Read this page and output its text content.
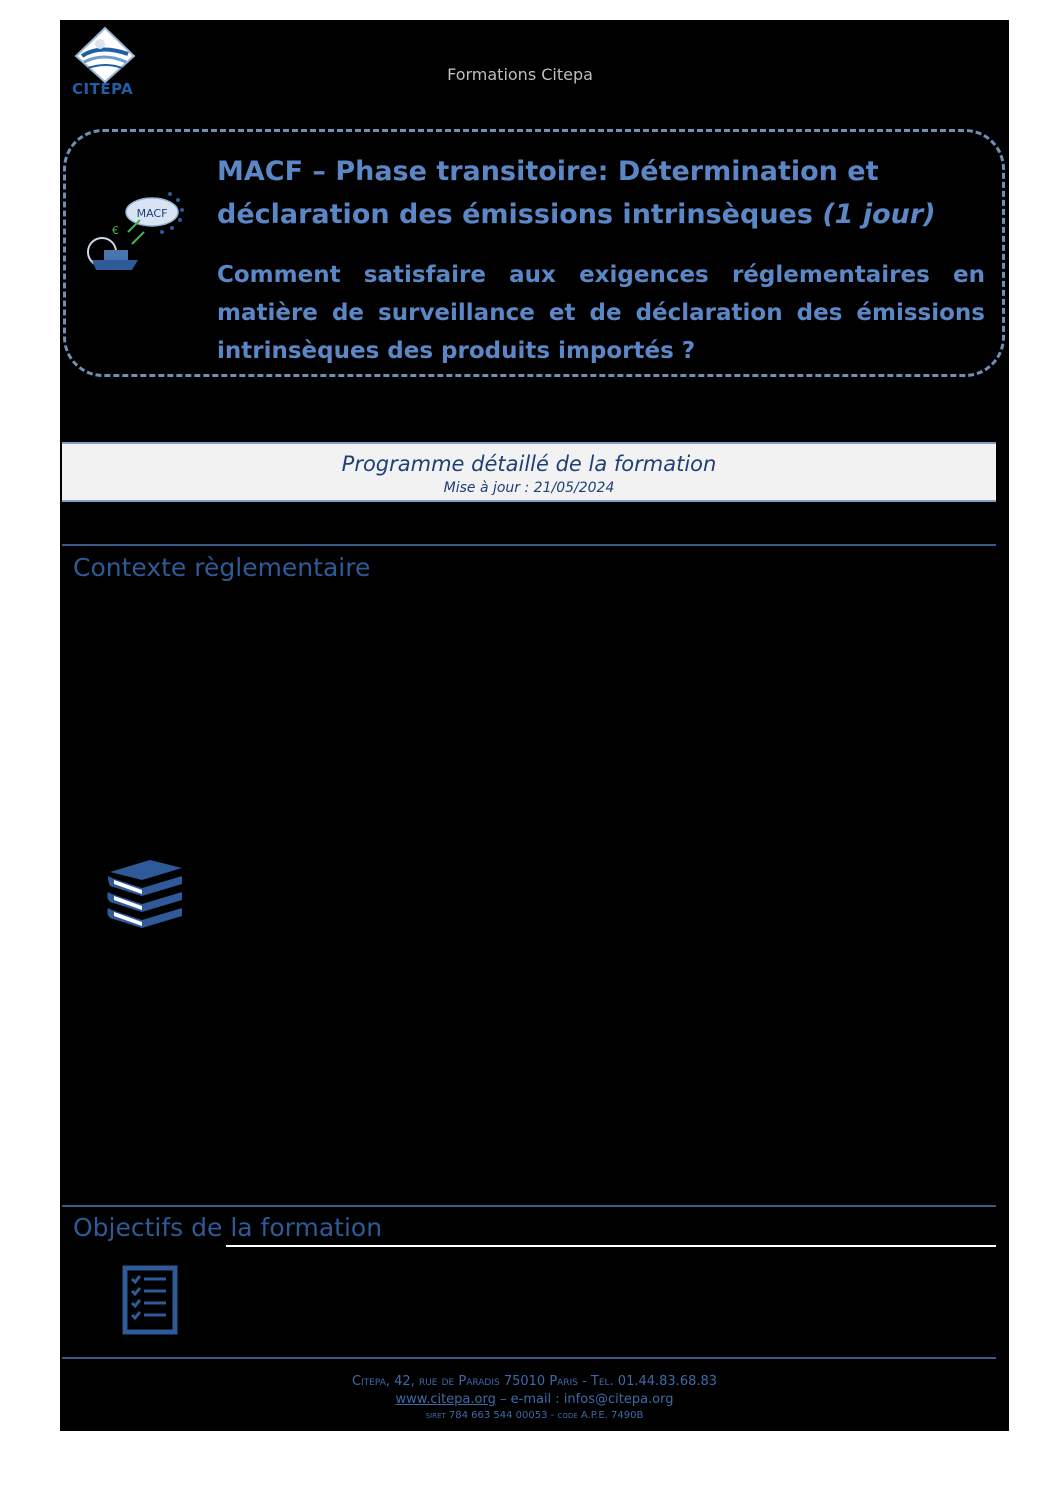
CITEPA
Formations Citepa
MACF
€
MACF – Phase transitoire: Détermination et déclaration des émissions intrinsèques (1 jour)
Comment satisfaire aux exigences réglementaires en matière de surveillance et de déclaration des émissions intrinsèques des produits importés ?
Programme détaillé de la formation
Mise à jour : 21/05/2024
Contexte règlementaire
Objectifs de la formation
Citepa, 42, rue de Paradis 75010 Paris - Tel. 01.44.83.68.83
www.citepa.org – e-mail : infos@citepa.org
siret 784 663 544 00053 - code A.P.E. 7490B
